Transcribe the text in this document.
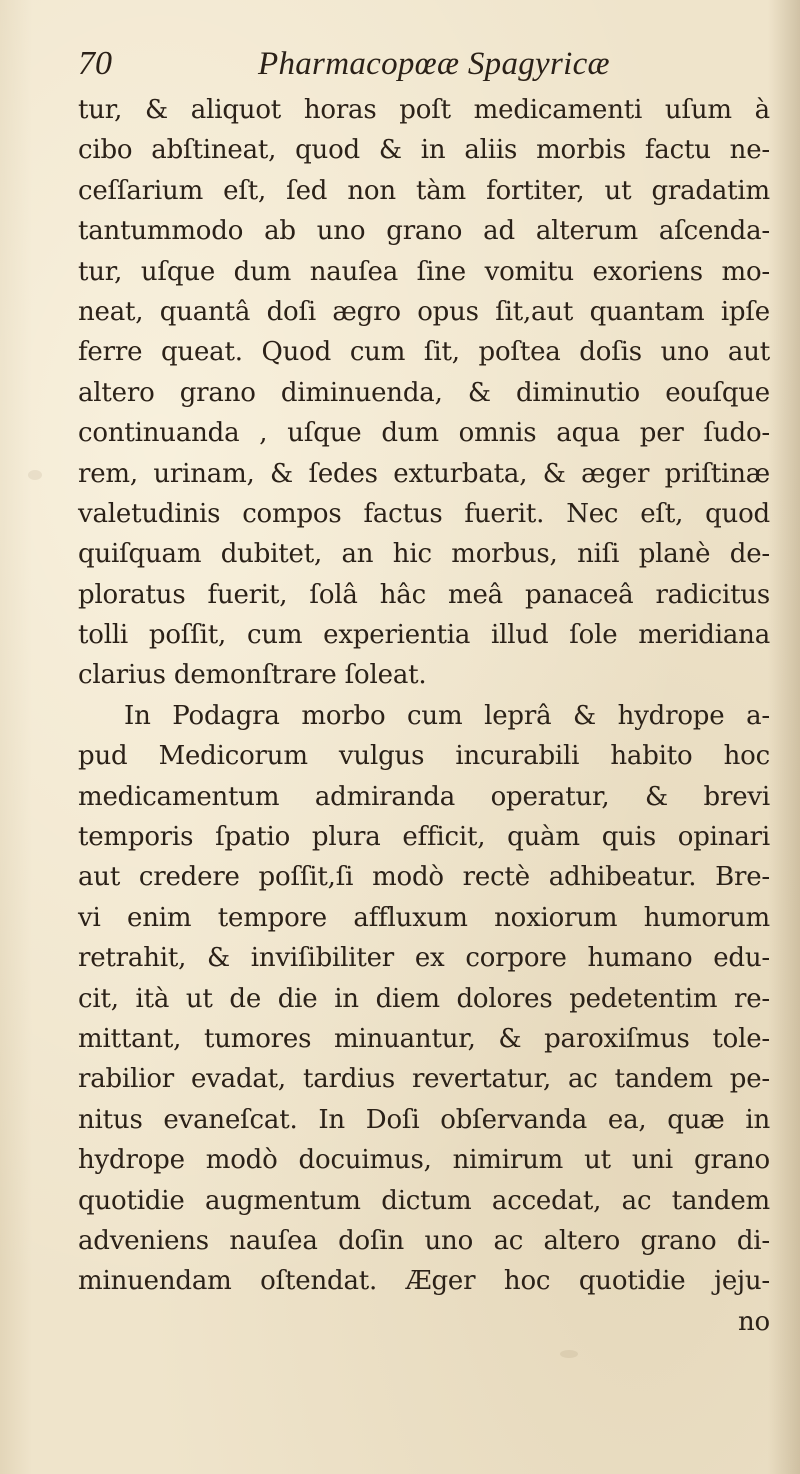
70	Pharmacopœæ Spagyricæ
tur, & aliquot horas poſt medicamenti uſum à
cibo abſtineat, quod & in aliis morbis factu ne-
ceſſarium eſt, ſed non tàm fortiter, ut gradatim
tantummodo ab uno grano ad alterum aſcenda-
tur, uſque dum nauſea ſine vomitu exoriens mo-
neat, quantâ doſi ægro opus ſit,aut quantam ipſe
ferre queat. Quod cum ſit, poſtea doſis uno aut
altero grano diminuenda, & diminutio eouſque
continuanda , uſque dum omnis aqua per ſudo-
rem, urinam, & ſedes exturbata, & æger priſtinæ
valetudinis compos factus fuerit. Nec eſt, quod
quiſquam dubitet, an hic morbus, niſi planè de-
ploratus fuerit, ſolâ hâc meâ panaceâ radicitus
tolli poſſit, cum experientia illud ſole meridiana
clarius demonſtrare ſoleat.
In Podagra morbo cum leprâ & hydrope a-
pud Medicorum vulgus incurabili habito hoc
medicamentum admiranda operatur, & brevi
temporis ſpatio plura efficit, quàm quis opinari
aut credere poſſit,ſi modò rectè adhibeatur. Bre-
vi enim tempore affluxum noxiorum humorum
retrahit, & inviſibiliter ex corpore humano edu-
cit, ità ut de die in diem dolores pedetentim re-
mittant, tumores minuantur, & paroxiſmus tole-
rabilior evadat, tardius revertatur, ac tandem pe-
nitus evaneſcat. In Doſi obſervanda ea, quæ in
hydrope modò docuimus, nimirum ut uni grano
quotidie augmentum dictum accedat, ac tandem
adveniens nauſea doſin uno ac altero grano di-
minuendam oſtendat. Æger hoc quotidie jeju-
no
